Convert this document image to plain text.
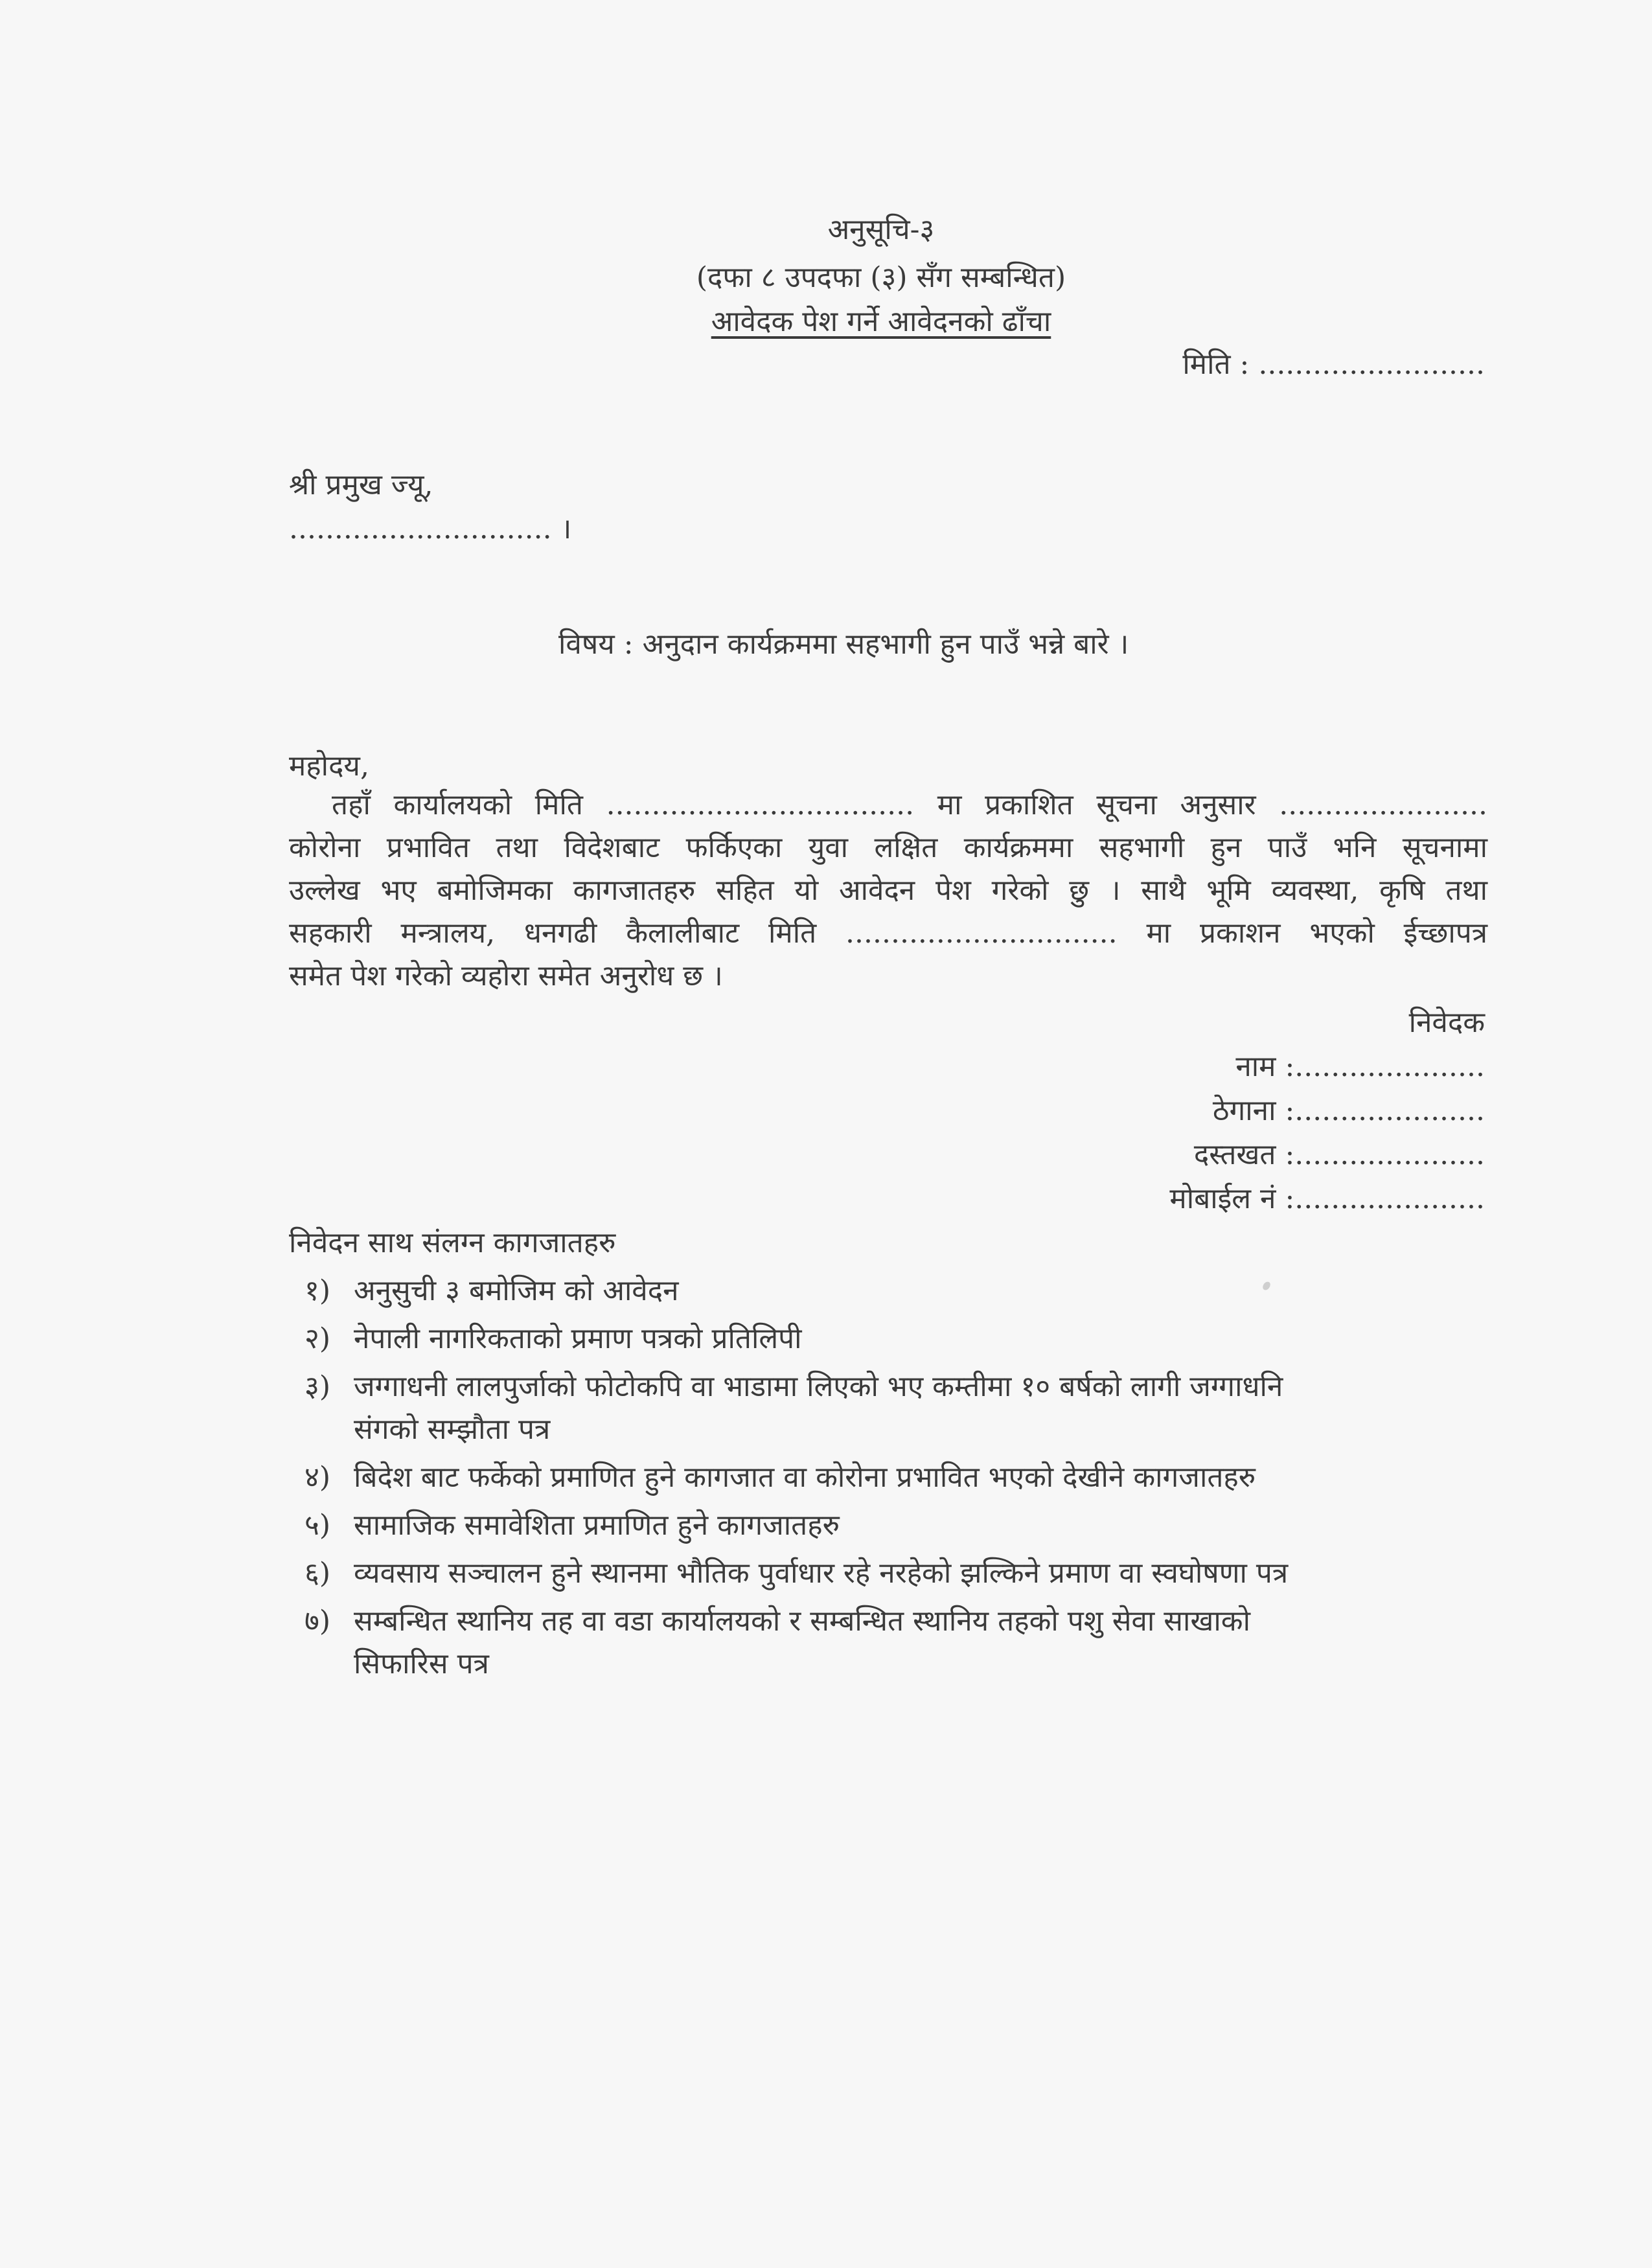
अनुसूचि-३
(दफा ८ उपदफा (३) सँग सम्बन्धित)
आवेदक पेश गर्ने आवेदनको ढाँचा
मिति : .........................
श्री प्रमुख ज्यू,
............................. ।
विषय : अनुदान कार्यक्रममा सहभागी हुन पाउँ भन्ने बारे ।
महोदय,
तहाँ कार्यालयको मिति .................................. मा प्रकाशित सूचना अनुसार .......................
कोरोना प्रभावित तथा विदेशबाट फर्किएका युवा लक्षित कार्यक्रममा सहभागी हुन पाउँ भनि सूचनामा
उल्लेख भए बमोजिमका कागजातहरु सहित यो आवेदन पेश गरेको छु । साथै भूमि व्यवस्था, कृषि तथा
सहकारी मन्त्रालय, धनगढी कैलालीबाट मिति .............................. मा प्रकाशन भएको ईच्छापत्र
समेत पेश गरेको व्यहोरा समेत अनुरोध छ ।
निवेदक
नाम :.....................
ठेगाना :.....................
दस्तखत :.....................
मोबाईल नं :.....................
निवेदन साथ संलग्न कागजातहरु
१) अनुसुची ३ बमोजिम को आवेदन
२) नेपाली नागरिकताको प्रमाण पत्रको प्रतिलिपी
३) जग्गाधनी लालपुर्जाको फोटोकपि वा भाडामा लिएको भए कम्तीमा १० बर्षको लागी जग्गाधनि
संगको सम्झौता पत्र
४) बिदेश बाट फर्केको प्रमाणित हुने कागजात वा कोरोना प्रभावित भएको देखीने कागजातहरु
५) सामाजिक समावेशिता प्रमाणित हुने कागजातहरु
६) व्यवसाय सञ्चालन हुने स्थानमा भौतिक पुर्वाधार रहे नरहेको झल्किने प्रमाण वा स्वघोषणा पत्र
७) सम्बन्धित स्थानिय तह वा वडा कार्यालयको र सम्बन्धित स्थानिय तहको पशु सेवा साखाको
सिफारिस पत्र
